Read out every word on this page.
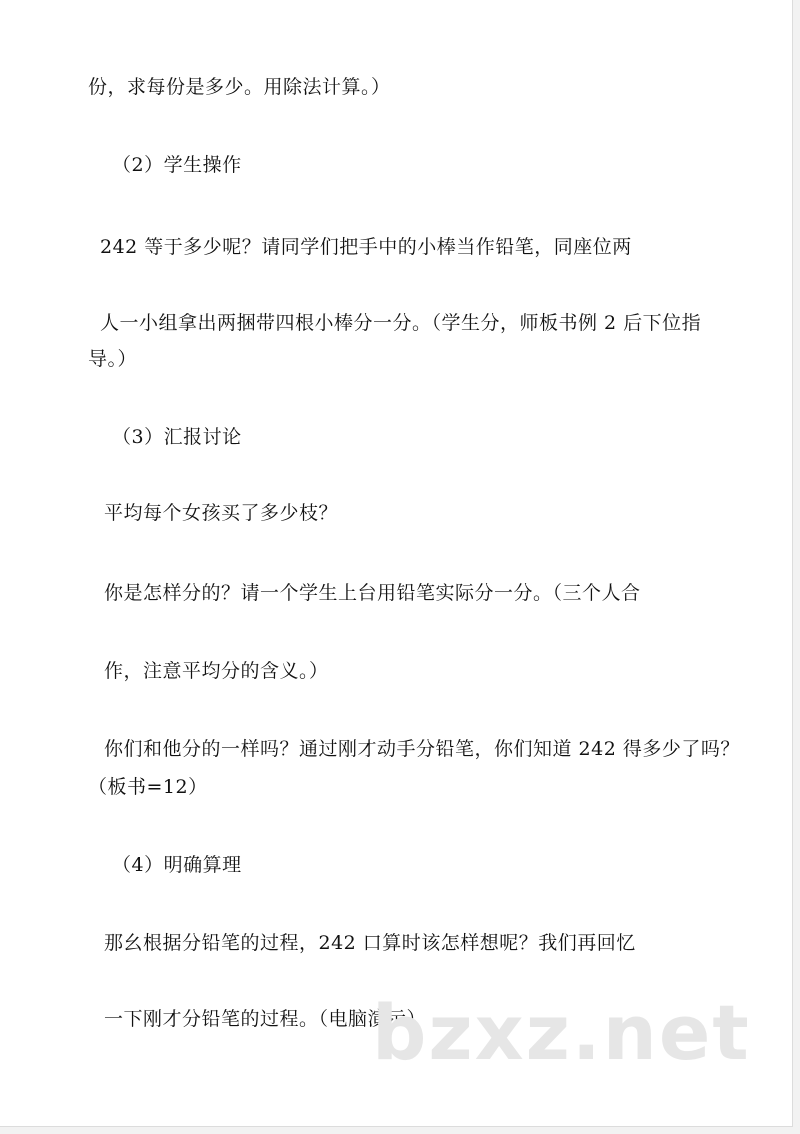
份，求每份是多少。用除法计算。）
（2）学生操作
242 等于多少呢？请同学们把手中的小棒当作铅笔，同座位两
人一小组拿出两捆带四根小棒分一分。（学生分，师板书例 2 后下位指
导。）
（3）汇报讨论
平均每个女孩买了多少枝？
你是怎样分的？请一个学生上台用铅笔实际分一分。（三个人合
作，注意平均分的含义。）
你们和他分的一样吗？通过刚才动手分铅笔，你们知道 242 得多少了吗？
（板书=12）
（4）明确算理
那幺根据分铅笔的过程，242 口算时该怎样想呢？我们再回忆
一下刚才分铅笔的过程。（电脑演示）
bzxz.net
